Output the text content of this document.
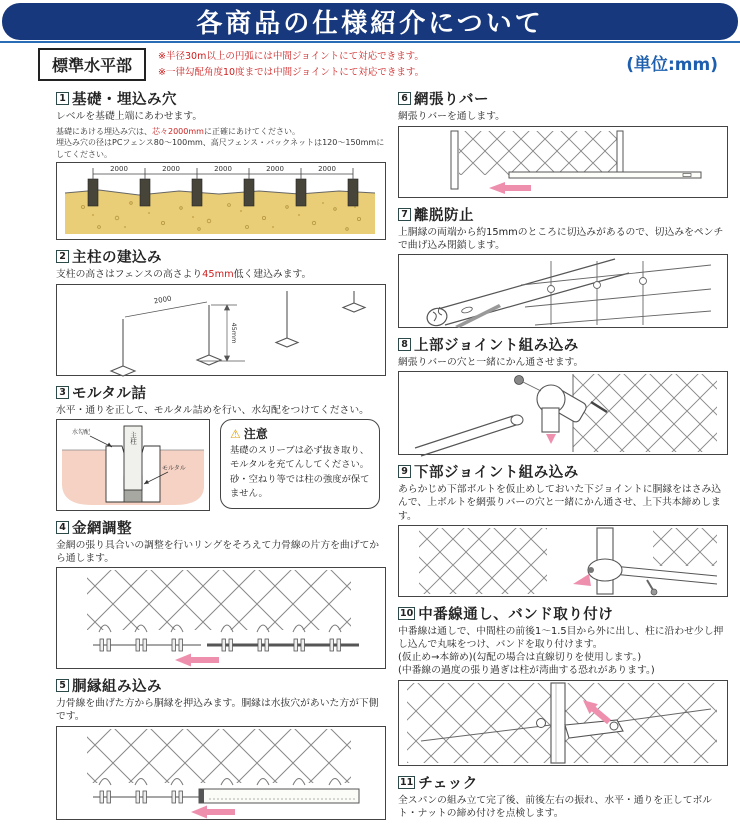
各商品の仕様紹介について
標準水平部	※半径30m以上の円弧には中間ジョイントにて対応できます。
※一律勾配角度10度までは中間ジョイントにて対応できます。	(単位:mm)
1 基礎・埋込み穴
レベルを基礎上端にあわせます。
基礎にあける埋込み穴は、芯々2000mmに正確にあけてください。
埋込み穴の径はPCフェンス80〜100mm、高尺フェンス・バックネットは120〜150mmにしてください。
2000	2000	2000	2000	2000
2 主柱の建込み
支柱の高さはフェンスの高さより45mm低く建込みます。
2000
45mm
3 モルタル詰
水平・通りを正して、モルタル詰めを行い、水勾配をつけてください。
主柱
水勾配
モルタル
⚠ 注意
基礎のスリーブは必ず抜き取り、モルタルを充てんしてください。砂・空ねり等では柱の強度が保てません。
4 金網調整
金網の張り具合いの調整を行いリングをそろえて力骨線の片方を曲げてから通します。
5 胴縁組み込み
力骨線を曲げた方から胴縁を押込みます。胴縁は水抜穴があいた方が下側です。
6 網張りバー
網張りバーを通します。
7 離脱防止
上胴縁の両端から約15mmのところに切込みがあるので、切込みをペンチで曲げ込み閉鎖します。
8 上部ジョイント組み込み
網張りバーの穴と一緒にかん通させます。
9 下部ジョイント組み込み
あらかじめ下部ボルトを仮止めしておいた下ジョイントに胴縁をはさみ込んで、上ボルトを網張りバーの穴と一緒にかん通させ、上下共本締めします。
10 中番線通し、バンド取り付け
中番線は通しで、中間柱の前後1〜1.5目から外に出し、柱に沿わせ少し押し込んで丸味をつけ、バンドを取り付けます。
(仮止め→本締め)(勾配の場合は直線切りを使用します。)
(中番線の過度の張り過ぎは柱が湾曲する恐れがあります。)
11 チェック
全スパンの組み立て完了後、前後左右の振れ、水平・通りを正してボルト・ナットの締め付けを点検します。
